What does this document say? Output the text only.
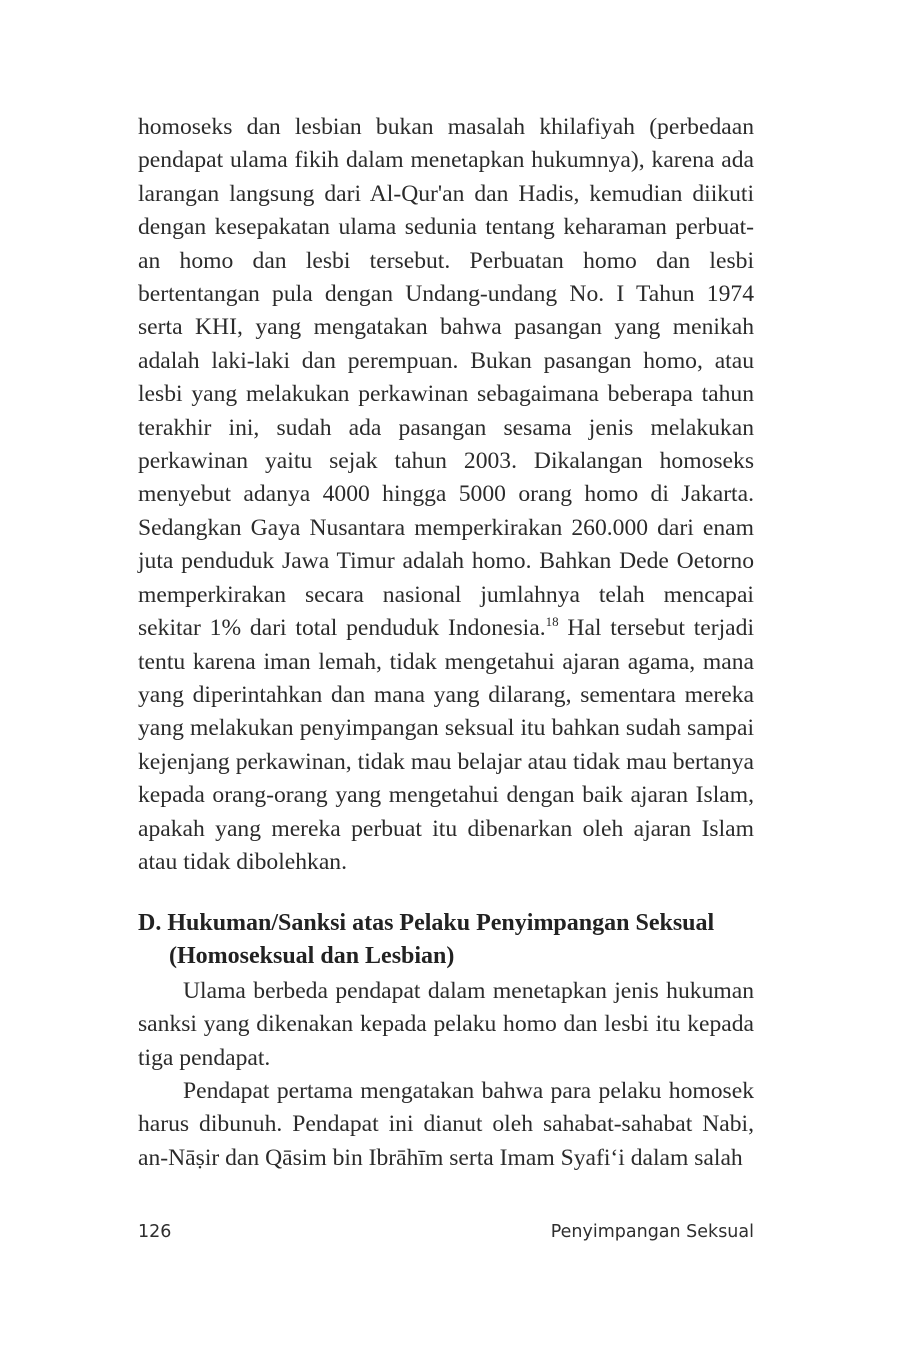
homoseks dan lesbian bukan masalah khilafiyah (perbedaan pendapat ulama fikih dalam menetapkan hukumnya), karena ada larangan langsung dari Al-Qur'an dan Hadis, kemudian diikuti dengan kesepakatan ulama sedunia tentang keharaman perbuat-an homo dan lesbi tersebut. Perbuatan homo dan lesbi bertentangan pula dengan Undang-undang No. I Tahun 1974 serta KHI, yang mengatakan bahwa pasangan yang menikah adalah laki-laki dan perempuan. Bukan pasangan homo, atau lesbi yang melakukan perkawinan sebagaimana beberapa tahun terakhir ini, sudah ada pasangan sesama jenis melakukan perkawinan yaitu sejak tahun 2003. Dikalangan homoseks menyebut adanya 4000 hingga 5000 orang homo di Jakarta. Sedangkan Gaya Nusantara memperkirakan 260.000 dari enam juta penduduk Jawa Timur adalah homo. Bahkan Dede Oetorno memperkirakan secara nasional jumlahnya telah mencapai sekitar 1% dari total penduduk Indonesia.$^{18}$ Hal tersebut terjadi tentu karena iman lemah, tidak mengetahui ajaran agama, mana yang diperintahkan dan mana yang dilarang, sementara mereka yang melakukan penyimpangan seksual itu bahkan sudah sampai kejenjang perkawinan, tidak mau belajar atau tidak mau bertanya kepada orang-orang yang mengetahui dengan baik ajaran Islam, apakah yang mereka perbuat itu dibenarkan oleh ajaran Islam atau tidak dibolehkan.

D. Hukuman/Sanksi atas Pelaku Penyimpangan Seksual
(Homoseksual dan Lesbian)

Ulama berbeda pendapat dalam menetapkan jenis hukuman sanksi yang dikenakan kepada pelaku homo dan lesbi itu kepada tiga pendapat.

Pendapat pertama mengatakan bahwa para pelaku homosek harus dibunuh. Pendapat ini dianut oleh sahabat-sahabat Nabi, an-Nāṣir dan Qāsim bin Ibrāhīm serta Imam Syafi‘i dalam salah

126	Penyimpangan Seksual
